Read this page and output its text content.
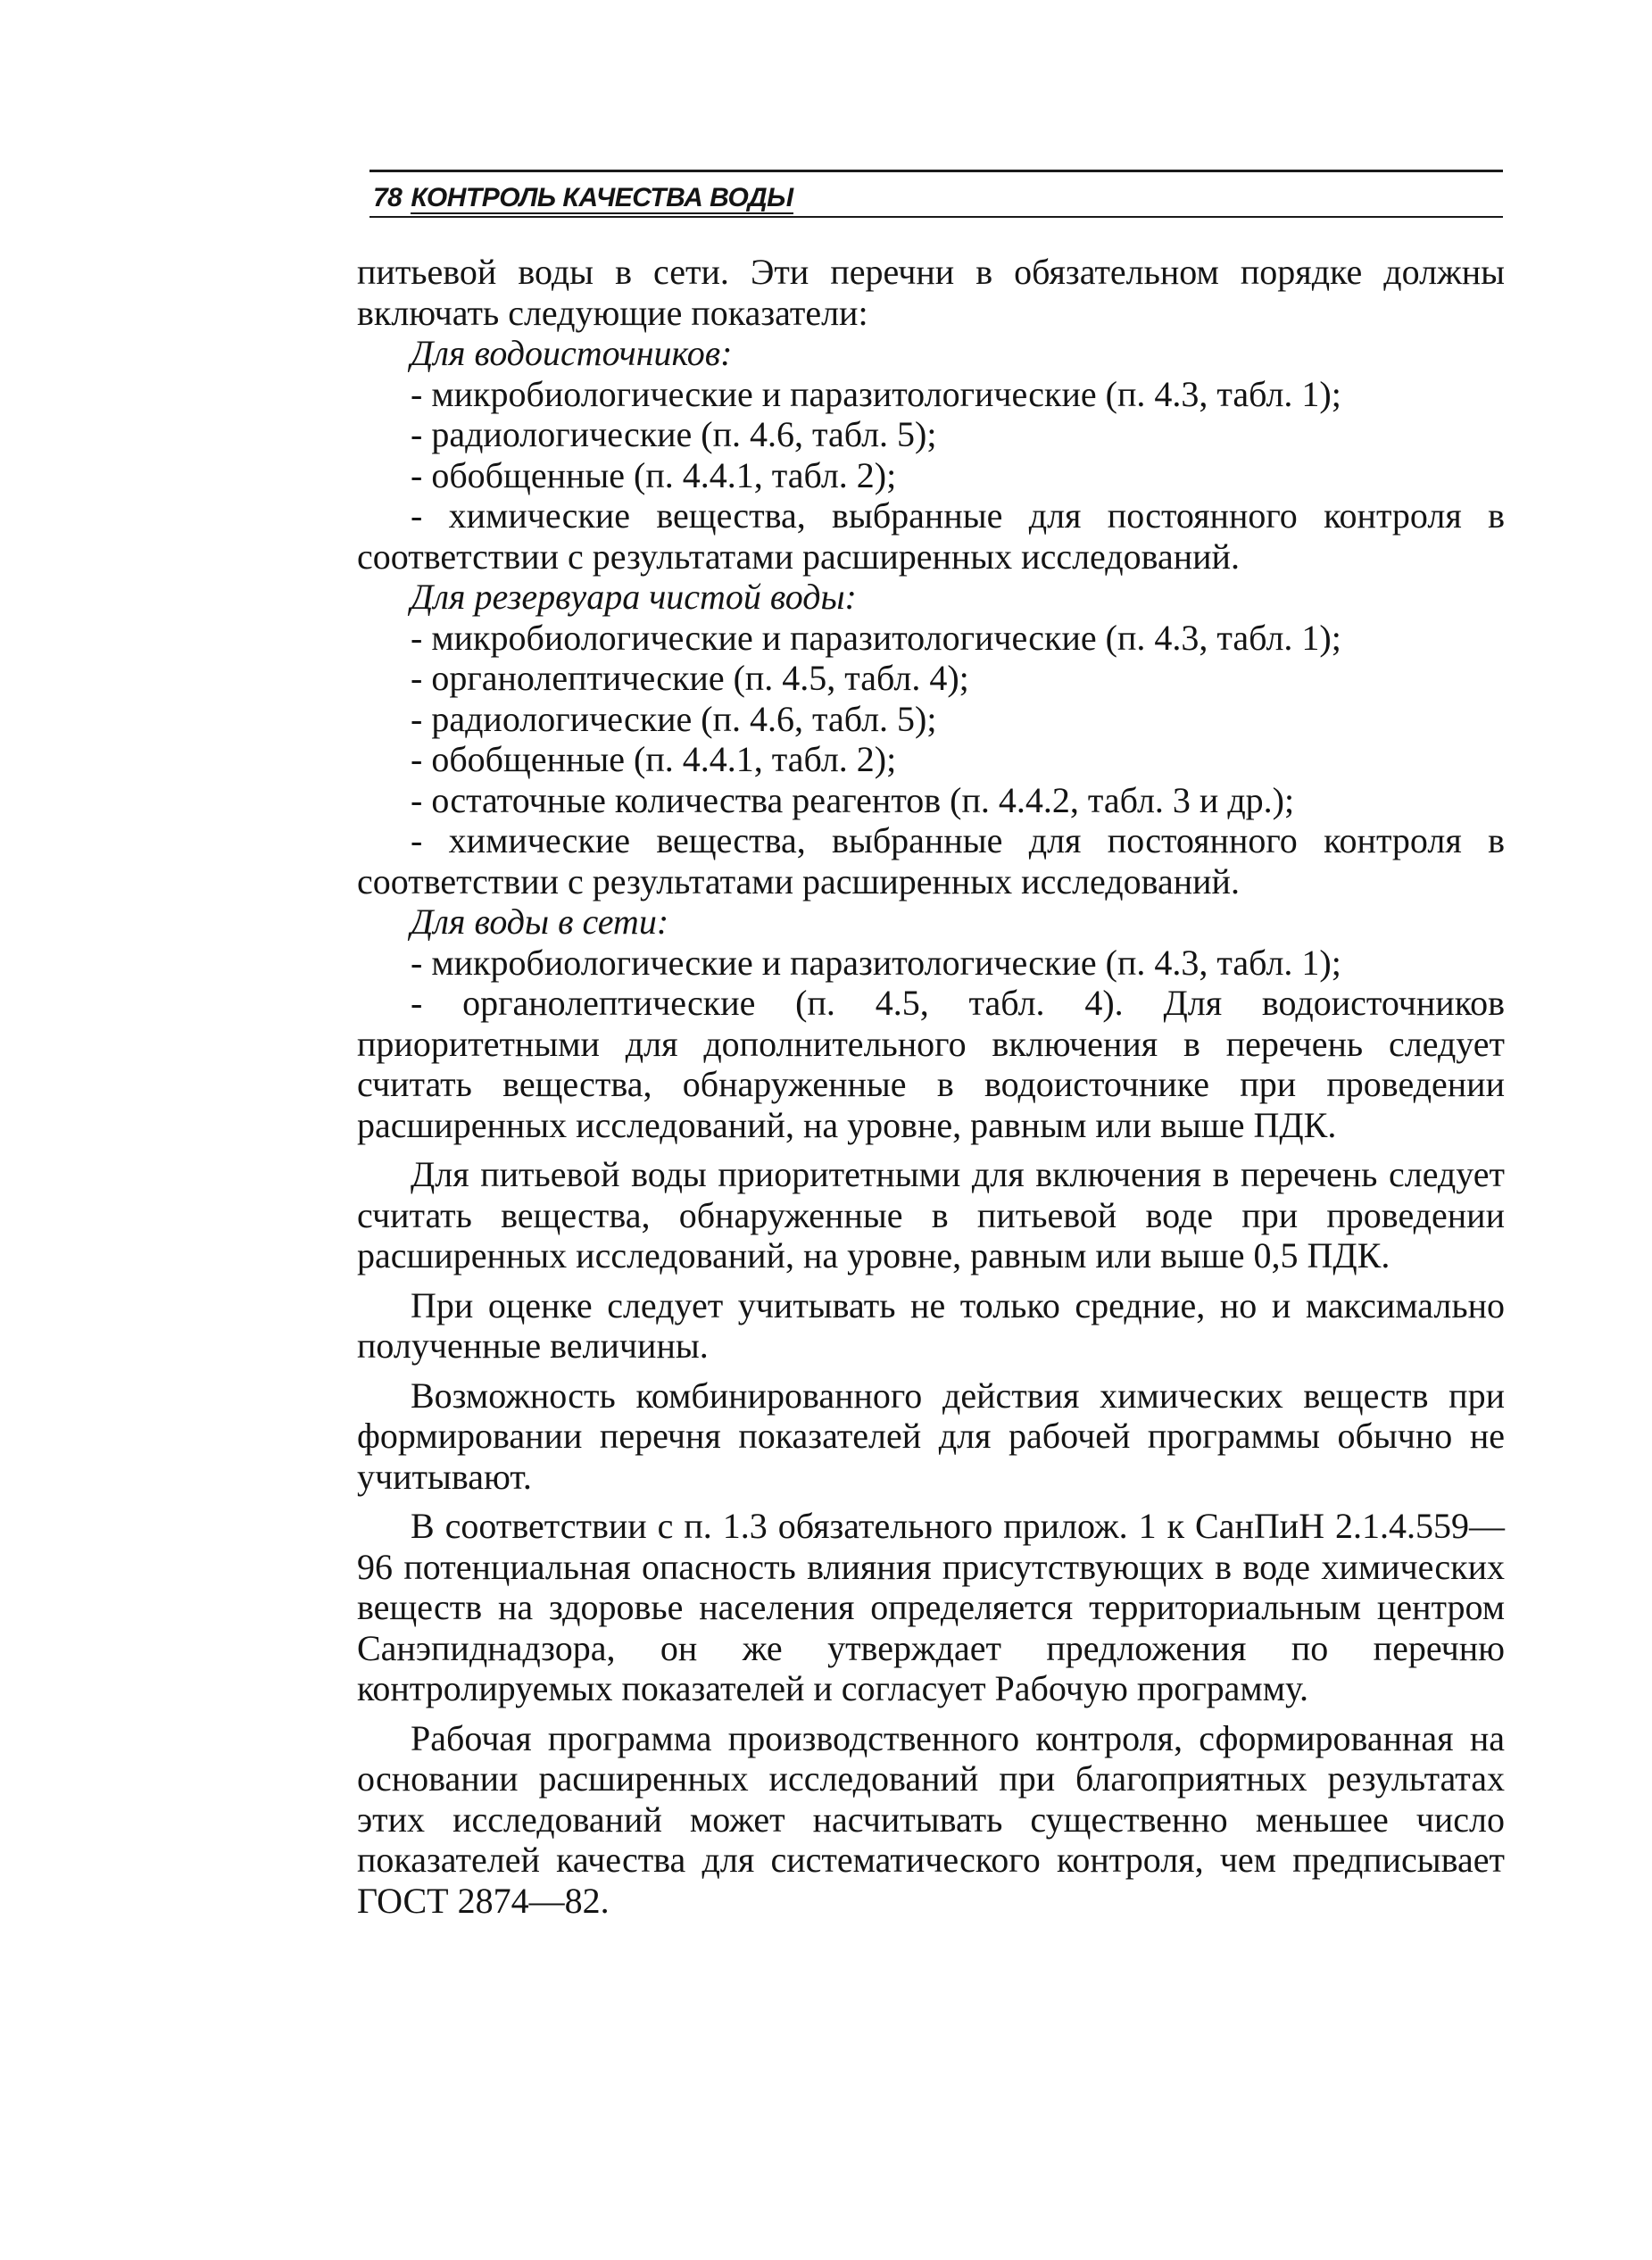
78 КОНТРОЛЬ КАЧЕСТВА ВОДЫ

питьевой воды в сети. Эти перечни в обязательном порядке должны включать следующие показатели:

Для водоисточников:

- микробиологические и паразитологические (п. 4.3, табл. 1);

- радиологические (п. 4.6, табл. 5);

- обобщенные (п. 4.4.1, табл. 2);

- химические вещества, выбранные для постоянного контроля в соответствии с результатами расширенных исследований.

Для резервуара чистой воды:

- микробиологические и паразитологические (п. 4.3, табл. 1);

- органолептические (п. 4.5, табл. 4);

- радиологические (п. 4.6, табл. 5);

- обобщенные (п. 4.4.1, табл. 2);

- остаточные количества реагентов (п. 4.4.2, табл. 3 и др.);

- химические вещества, выбранные для постоянного контроля в соответствии с результатами расширенных исследований.

Для воды в сети:

- микробиологические и паразитологические (п. 4.3, табл. 1);

- органолептические (п. 4.5, табл. 4). Для водоисточников приоритетными для дополнительного включения в перечень следует считать вещества, обнаруженные в водоисточнике при проведении расширенных исследований, на уровне, равным или выше ПДК.

Для питьевой воды приоритетными для включения в перечень следует считать вещества, обнаруженные в питьевой воде при проведении расширенных исследований, на уровне, равным или выше 0,5 ПДК.

При оценке следует учитывать не только средние, но и максимально полученные величины.

Возможность комбинированного действия химических веществ при формировании перечня показателей для рабочей программы обычно не учитывают.

В соответствии с п. 1.3 обязательного прилож. 1 к СанПиН 2.1.4.559—96 потенциальная опасность влияния присутствующих в воде химических веществ на здоровье населения определяется территориальным центром Санэпиднадзора, он же утверждает предложения по перечню контролируемых показателей и согласует Рабочую программу.

Рабочая программа производственного контроля, сформированная на основании расширенных исследований при благоприятных результатах этих исследований может насчитывать существенно меньшее число показателей качества для систематического контроля, чем предписывает ГОСТ 2874—82.
